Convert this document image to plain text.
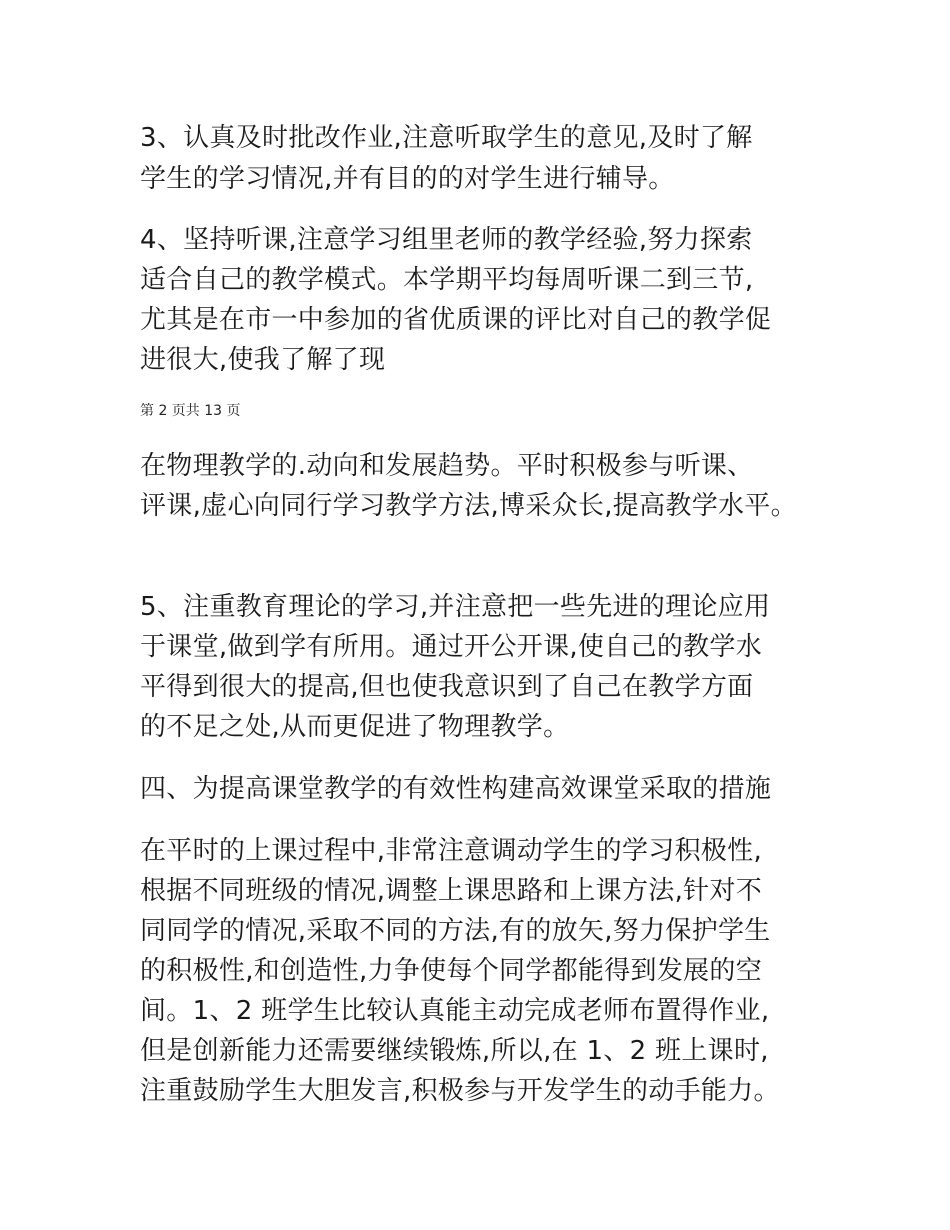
3、认真及时批改作业,注意听取学生的意见,及时了解

学生的学习情况,并有目的的对学生进行辅导。

4、坚持听课,注意学习组里老师的教学经验,努力探索

适合自己的教学模式。本学期平均每周听课二到三节,

尤其是在市一中参加的省优质课的评比对自己的教学促

进很大,使我了解了现

第 2 页共 13 页

在物理教学的.动向和发展趋势。平时积极参与听课、

评课,虚心向同行学习教学方法,博采众长,提高教学水平。

5、注重教育理论的学习,并注意把一些先进的理论应用

于课堂,做到学有所用。通过开公开课,使自己的教学水

平得到很大的提高,但也使我意识到了自己在教学方面

的不足之处,从而更促进了物理教学。

四、为提高课堂教学的有效性构建高效课堂采取的措施

在平时的上课过程中,非常注意调动学生的学习积极性,

根据不同班级的情况,调整上课思路和上课方法,针对不

同同学的情况,采取不同的方法,有的放矢,努力保护学生

的积极性,和创造性,力争使每个同学都能得到发展的空

间。1、2 班学生比较认真能主动完成老师布置得作业,

但是创新能力还需要继续锻炼,所以,在 1、2 班上课时,

注重鼓励学生大胆发言,积极参与开发学生的动手能力。
